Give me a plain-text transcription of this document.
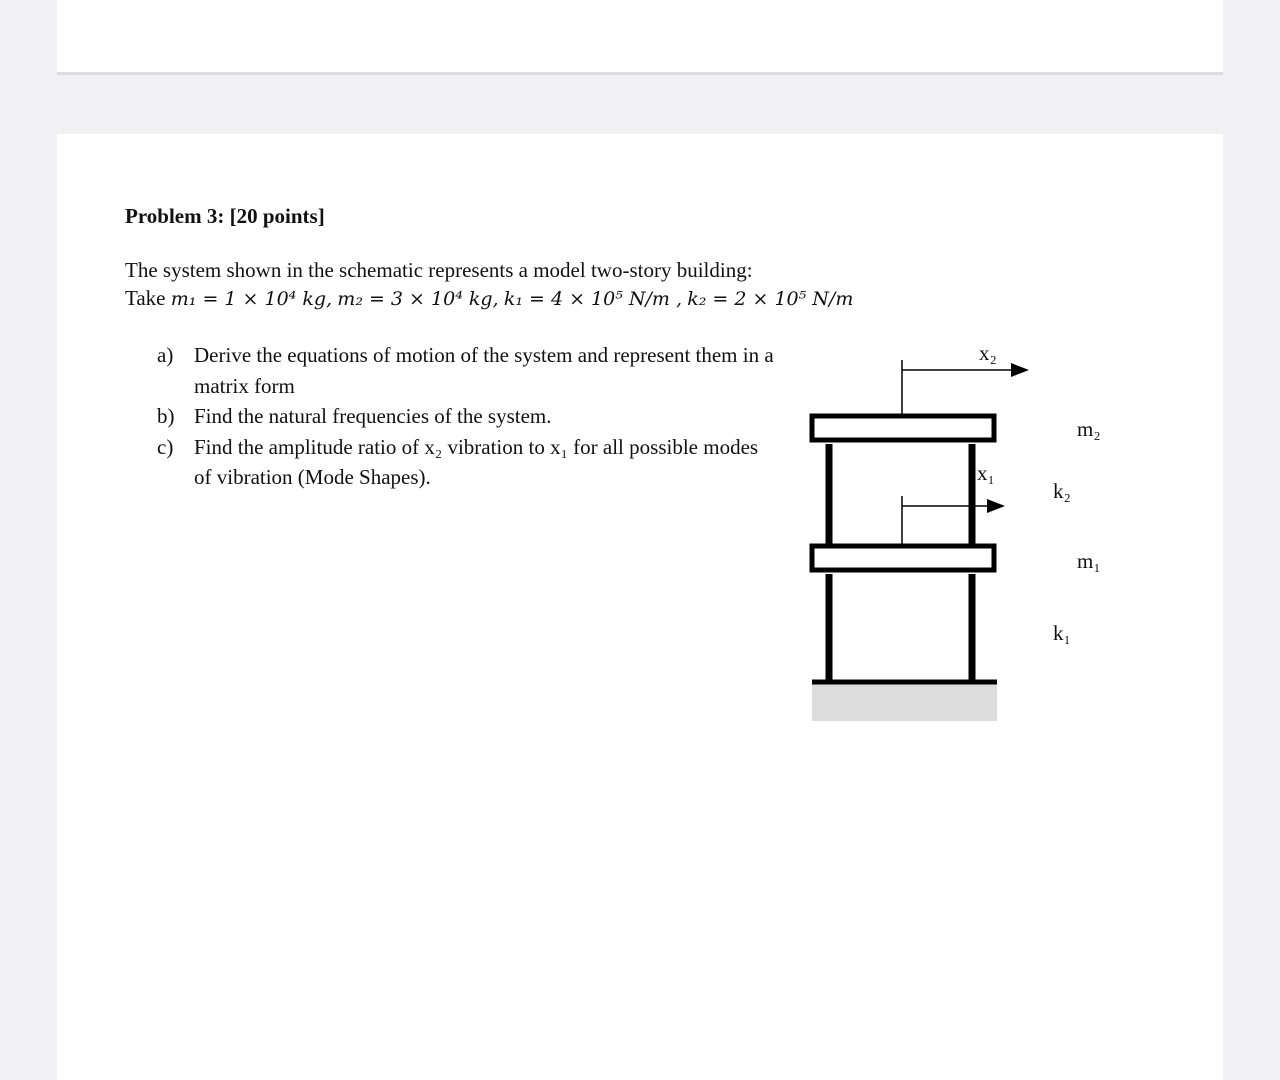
Problem 3: [20 points]
The system shown in the schematic represents a model two-story building:
Take m₁ = 1 × 10⁴ kg, m₂ = 3 × 10⁴ kg, k₁ = 4 × 10⁵ N/m , k₂ = 2 × 10⁵ N/m
a) Derive the equations of motion of the system and represent them in a matrix form
b) Find the natural frequencies of the system.
c) Find the amplitude ratio of x₂ vibration to x₁ for all possible modes of vibration (Mode Shapes).
x₂
x₁
m₂
m₁
k₂
k₁
